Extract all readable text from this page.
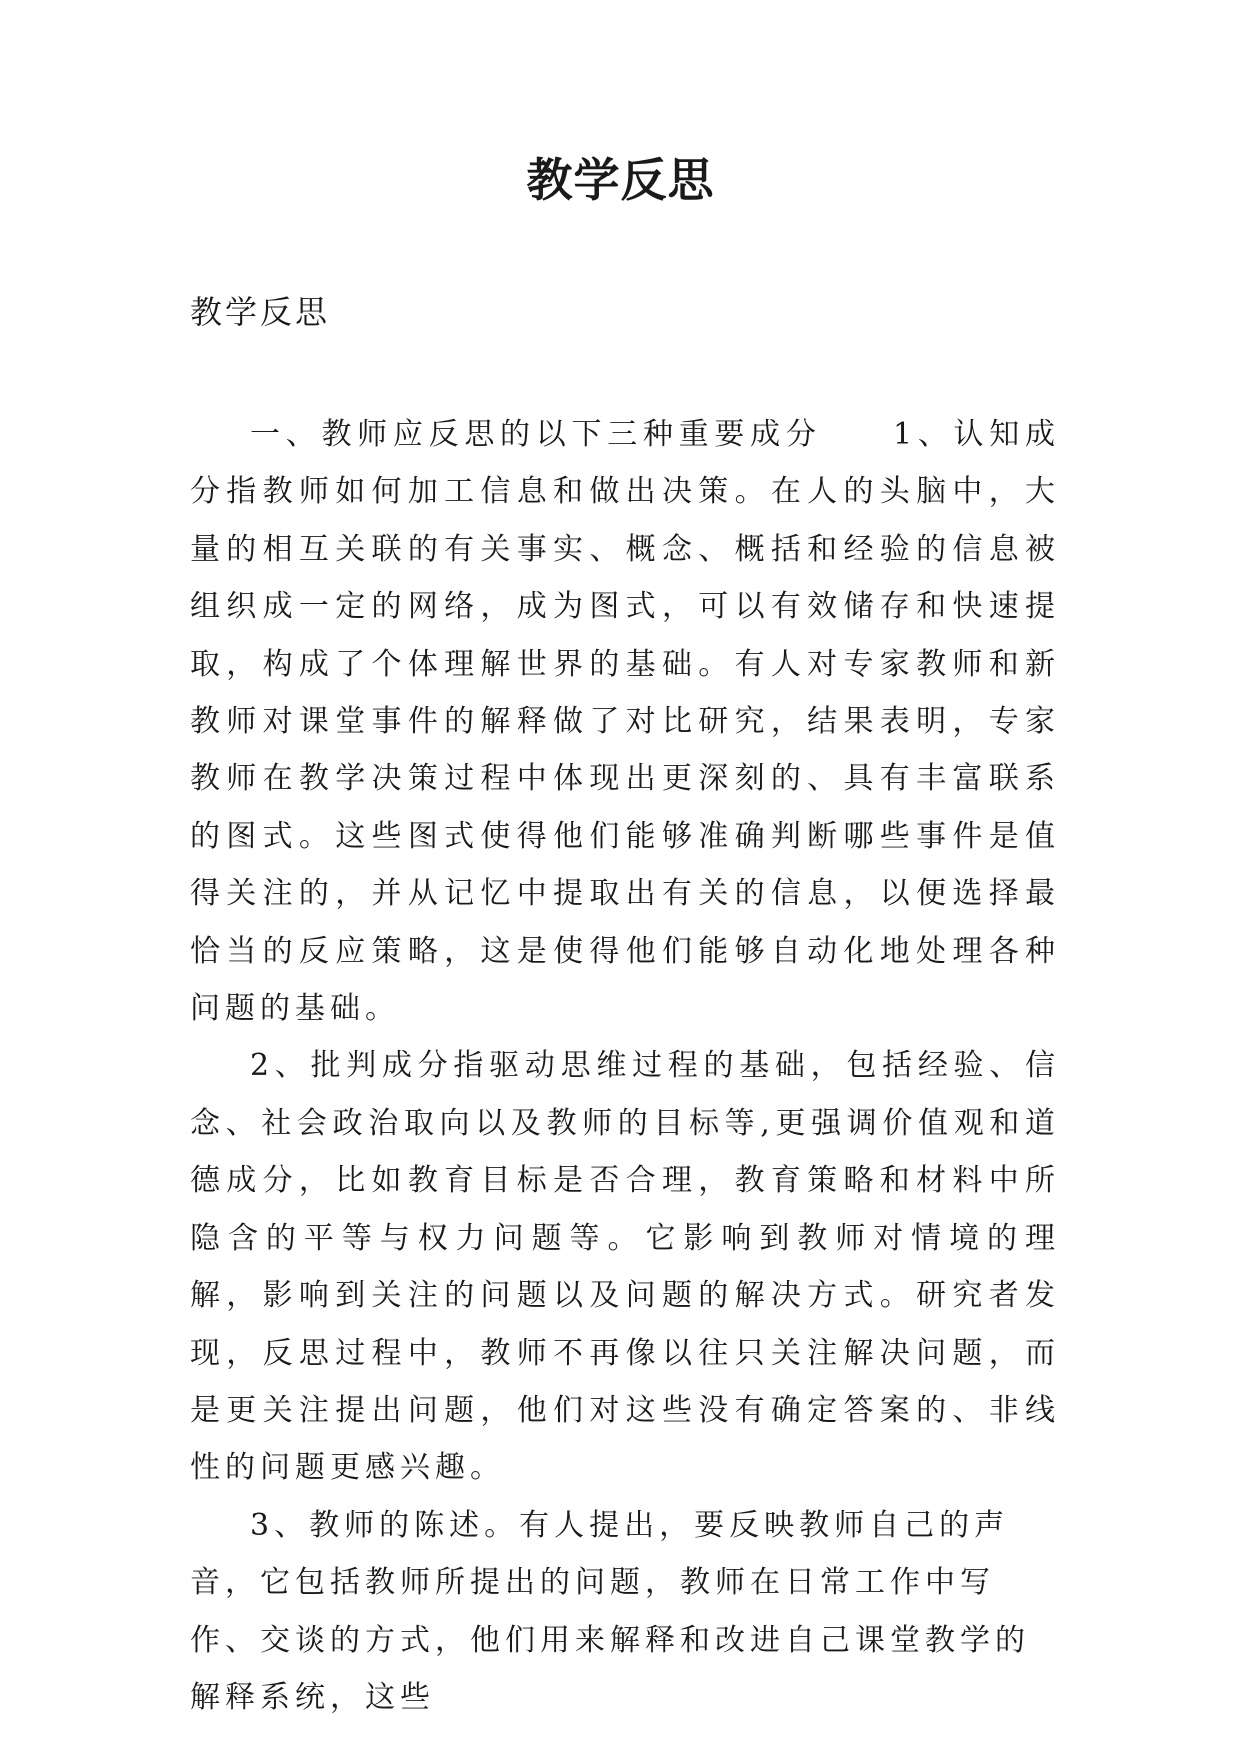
教学反思

教学反思

一、教师应反思的以下三种重要成分　　1、认知成分指教师如何加工信息和做出决策。在人的头脑中，大量的相互关联的有关事实、概念、概括和经验的信息被组织成一定的网络，成为图式，可以有效储存和快速提取，构成了个体理解世界的基础。有人对专家教师和新教师对课堂事件的解释做了对比研究，结果表明，专家教师在教学决策过程中体现出更深刻的、具有丰富联系的图式。这些图式使得他们能够准确判断哪些事件是值得关注的，并从记忆中提取出有关的信息，以便选择最恰当的反应策略，这是使得他们能够自动化地处理各种问题的基础。

2、批判成分指驱动思维过程的基础，包括经验、信念、社会政治取向以及教师的目标等,更强调价值观和道德成分，比如教育目标是否合理，教育策略和材料中所隐含的平等与权力问题等。它影响到教师对情境的理解，影响到关注的问题以及问题的解决方式。研究者发现，反思过程中，教师不再像以往只关注解决问题，而是更关注提出问题，他们对这些没有确定答案的、非线性的问题更感兴趣。

3、教师的陈述。有人提出，要反映教师自己的声音，它包括教师所提出的问题，教师在日常工作中写作、交谈的方式，他们用来解释和改进自己课堂教学的解释系统，这些
